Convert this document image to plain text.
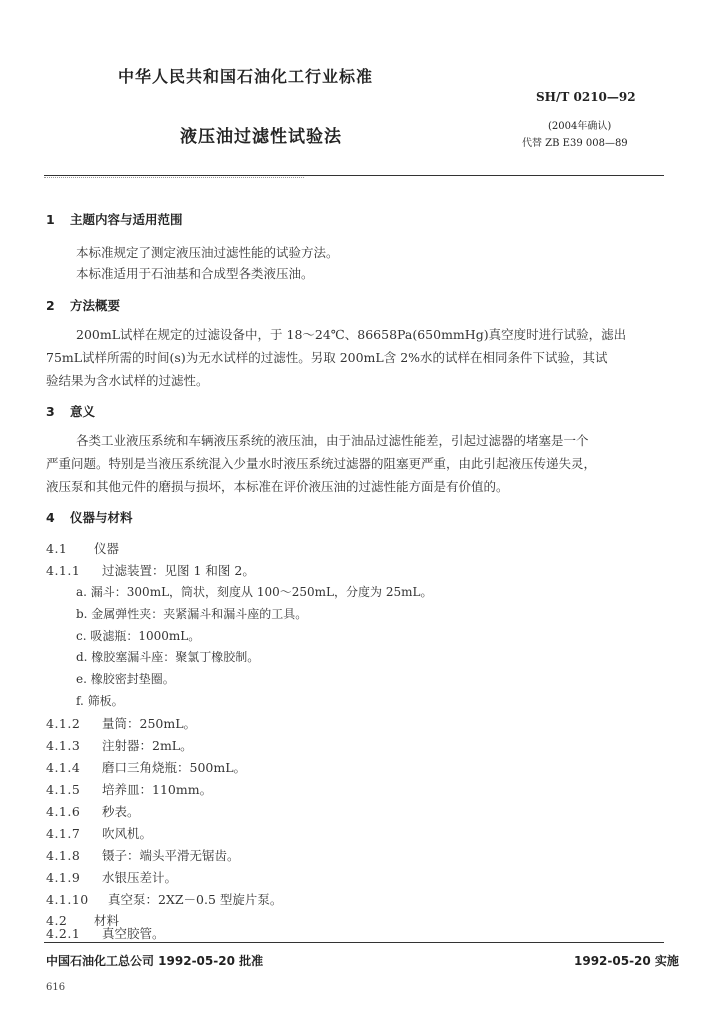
中华人民共和国石油化工行业标准
SH/T 0210—92
液压油过滤性试验法
(2004年确认)
代替 ZB E39 008—89
1 主题内容与适用范围
本标准规定了测定液压油过滤性能的试验方法。
本标准适用于石油基和合成型各类液压油。
2 方法概要
200mL试样在规定的过滤设备中，于 18～24℃、86658Pa(650mmHg)真空度时进行试验，滤出
75mL试样所需的时间(s)为无水试样的过滤性。另取 200mL含 2%水的试样在相同条件下试验，其试
验结果为含水试样的过滤性。
3 意义
各类工业液压系统和车辆液压系统的液压油，由于油品过滤性能差，引起过滤器的堵塞是一个
严重问题。特别是当液压系统混入少量水时液压系统过滤器的阻塞更严重，由此引起液压传递失灵，
液压泵和其他元件的磨损与损坏，本标准在评价液压油的过滤性能方面是有价值的。
4 仪器与材料
4.1 仪器
4.1.1 过滤装置：见图 1 和图 2。
a. 漏斗：300mL，筒状，刻度从 100～250mL，分度为 25mL。
b. 金属弹性夹：夹紧漏斗和漏斗座的工具。
c. 吸滤瓶：1000mL。
d. 橡胶塞漏斗座：聚氯丁橡胶制。
e. 橡胶密封垫圈。
f. 筛板。
4.1.2 量筒：250mL。
4.1.3 注射器：2mL。
4.1.4 磨口三角烧瓶：500mL。
4.1.5 培养皿：110mm。
4.1.6 秒表。
4.1.7 吹风机。
4.1.8 镊子：端头平滑无锯齿。
4.1.9 水银压差计。
4.1.10 真空泵：2XZ－0.5 型旋片泵。
4.2 材料
4.2.1 真空胶管。
中国石油化工总公司 1992-05-20 批准	1992-05-20 实施
616
